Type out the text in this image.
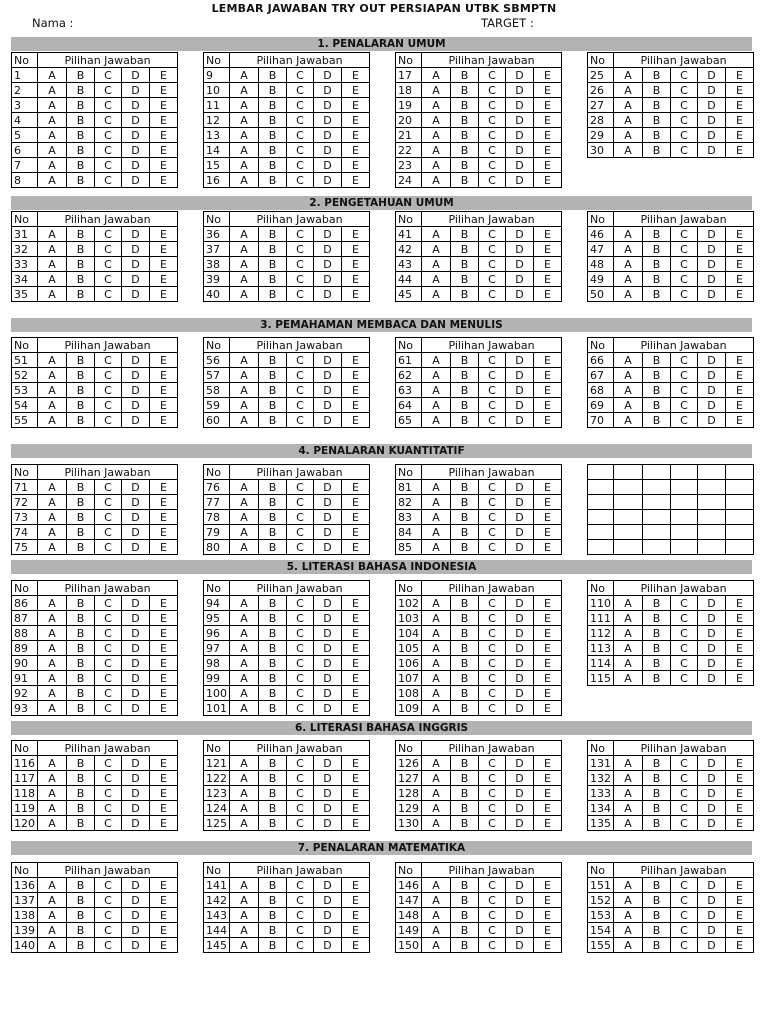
LEMBAR JAWABAN TRY OUT PERSIAPAN UTBK SBMPTN
Nama :	TARGET :
1. PENALARAN UMUM
No	Pilihan Jawaban				
1	A	B	C	D	E
2	A	B	C	D	E
3	A	B	C	D	E
4	A	B	C	D	E
5	A	B	C	D	E
6	A	B	C	D	E
7	A	B	C	D	E
8	A	B	C	D	E
No	Pilihan Jawaban				
9	A	B	C	D	E
10	A	B	C	D	E
11	A	B	C	D	E
12	A	B	C	D	E
13	A	B	C	D	E
14	A	B	C	D	E
15	A	B	C	D	E
16	A	B	C	D	E
No	Pilihan Jawaban				
17	A	B	C	D	E
18	A	B	C	D	E
19	A	B	C	D	E
20	A	B	C	D	E
21	A	B	C	D	E
22	A	B	C	D	E
23	A	B	C	D	E
24	A	B	C	D	E
No	Pilihan Jawaban				
25	A	B	C	D	E
26	A	B	C	D	E
27	A	B	C	D	E
28	A	B	C	D	E
29	A	B	C	D	E
30	A	B	C	D	E
2. PENGETAHUAN UMUM
No	Pilihan Jawaban				
31	A	B	C	D	E
32	A	B	C	D	E
33	A	B	C	D	E
34	A	B	C	D	E
35	A	B	C	D	E
No	Pilihan Jawaban				
36	A	B	C	D	E
37	A	B	C	D	E
38	A	B	C	D	E
39	A	B	C	D	E
40	A	B	C	D	E
No	Pilihan Jawaban				
41	A	B	C	D	E
42	A	B	C	D	E
43	A	B	C	D	E
44	A	B	C	D	E
45	A	B	C	D	E
No	Pilihan Jawaban				
46	A	B	C	D	E
47	A	B	C	D	E
48	A	B	C	D	E
49	A	B	C	D	E
50	A	B	C	D	E
3. PEMAHAMAN MEMBACA DAN MENULIS
No	Pilihan Jawaban				
51	A	B	C	D	E
52	A	B	C	D	E
53	A	B	C	D	E
54	A	B	C	D	E
55	A	B	C	D	E
No	Pilihan Jawaban				
56	A	B	C	D	E
57	A	B	C	D	E
58	A	B	C	D	E
59	A	B	C	D	E
60	A	B	C	D	E
No	Pilihan Jawaban				
61	A	B	C	D	E
62	A	B	C	D	E
63	A	B	C	D	E
64	A	B	C	D	E
65	A	B	C	D	E
No	Pilihan Jawaban				
66	A	B	C	D	E
67	A	B	C	D	E
68	A	B	C	D	E
69	A	B	C	D	E
70	A	B	C	D	E
4. PENALARAN KUANTITATIF
No	Pilihan Jawaban				
71	A	B	C	D	E
72	A	B	C	D	E
73	A	B	C	D	E
74	A	B	C	D	E
75	A	B	C	D	E
No	Pilihan Jawaban				
76	A	B	C	D	E
77	A	B	C	D	E
78	A	B	C	D	E
79	A	B	C	D	E
80	A	B	C	D	E
No	Pilihan Jawaban				
81	A	B	C	D	E
82	A	B	C	D	E
83	A	B	C	D	E
84	A	B	C	D	E
85	A	B	C	D	E

5. LITERASI BAHASA INDONESIA
No	Pilihan Jawaban				
86	A	B	C	D	E
87	A	B	C	D	E
88	A	B	C	D	E
89	A	B	C	D	E
90	A	B	C	D	E
91	A	B	C	D	E
92	A	B	C	D	E
93	A	B	C	D	E
No	Pilihan Jawaban				
94	A	B	C	D	E
95	A	B	C	D	E
96	A	B	C	D	E
97	A	B	C	D	E
98	A	B	C	D	E
99	A	B	C	D	E
100	A	B	C	D	E
101	A	B	C	D	E
No	Pilihan Jawaban				
102	A	B	C	D	E
103	A	B	C	D	E
104	A	B	C	D	E
105	A	B	C	D	E
106	A	B	C	D	E
107	A	B	C	D	E
108	A	B	C	D	E
109	A	B	C	D	E
No	Pilihan Jawaban				
110	A	B	C	D	E
111	A	B	C	D	E
112	A	B	C	D	E
113	A	B	C	D	E
114	A	B	C	D	E
115	A	B	C	D	E
6. LITERASI BAHASA INGGRIS
No	Pilihan Jawaban				
116	A	B	C	D	E
117	A	B	C	D	E
118	A	B	C	D	E
119	A	B	C	D	E
120	A	B	C	D	E
No	Pilihan Jawaban				
121	A	B	C	D	E
122	A	B	C	D	E
123	A	B	C	D	E
124	A	B	C	D	E
125	A	B	C	D	E
No	Pilihan Jawaban				
126	A	B	C	D	E
127	A	B	C	D	E
128	A	B	C	D	E
129	A	B	C	D	E
130	A	B	C	D	E
No	Pilihan Jawaban				
131	A	B	C	D	E
132	A	B	C	D	E
133	A	B	C	D	E
134	A	B	C	D	E
135	A	B	C	D	E
7. PENALARAN MATEMATIKA
No	Pilihan Jawaban				
136	A	B	C	D	E
137	A	B	C	D	E
138	A	B	C	D	E
139	A	B	C	D	E
140	A	B	C	D	E
No	Pilihan Jawaban				
141	A	B	C	D	E
142	A	B	C	D	E
143	A	B	C	D	E
144	A	B	C	D	E
145	A	B	C	D	E
No	Pilihan Jawaban				
146	A	B	C	D	E
147	A	B	C	D	E
148	A	B	C	D	E
149	A	B	C	D	E
150	A	B	C	D	E
No	Pilihan Jawaban				
151	A	B	C	D	E
152	A	B	C	D	E
153	A	B	C	D	E
154	A	B	C	D	E
155	A	B	C	D	E
